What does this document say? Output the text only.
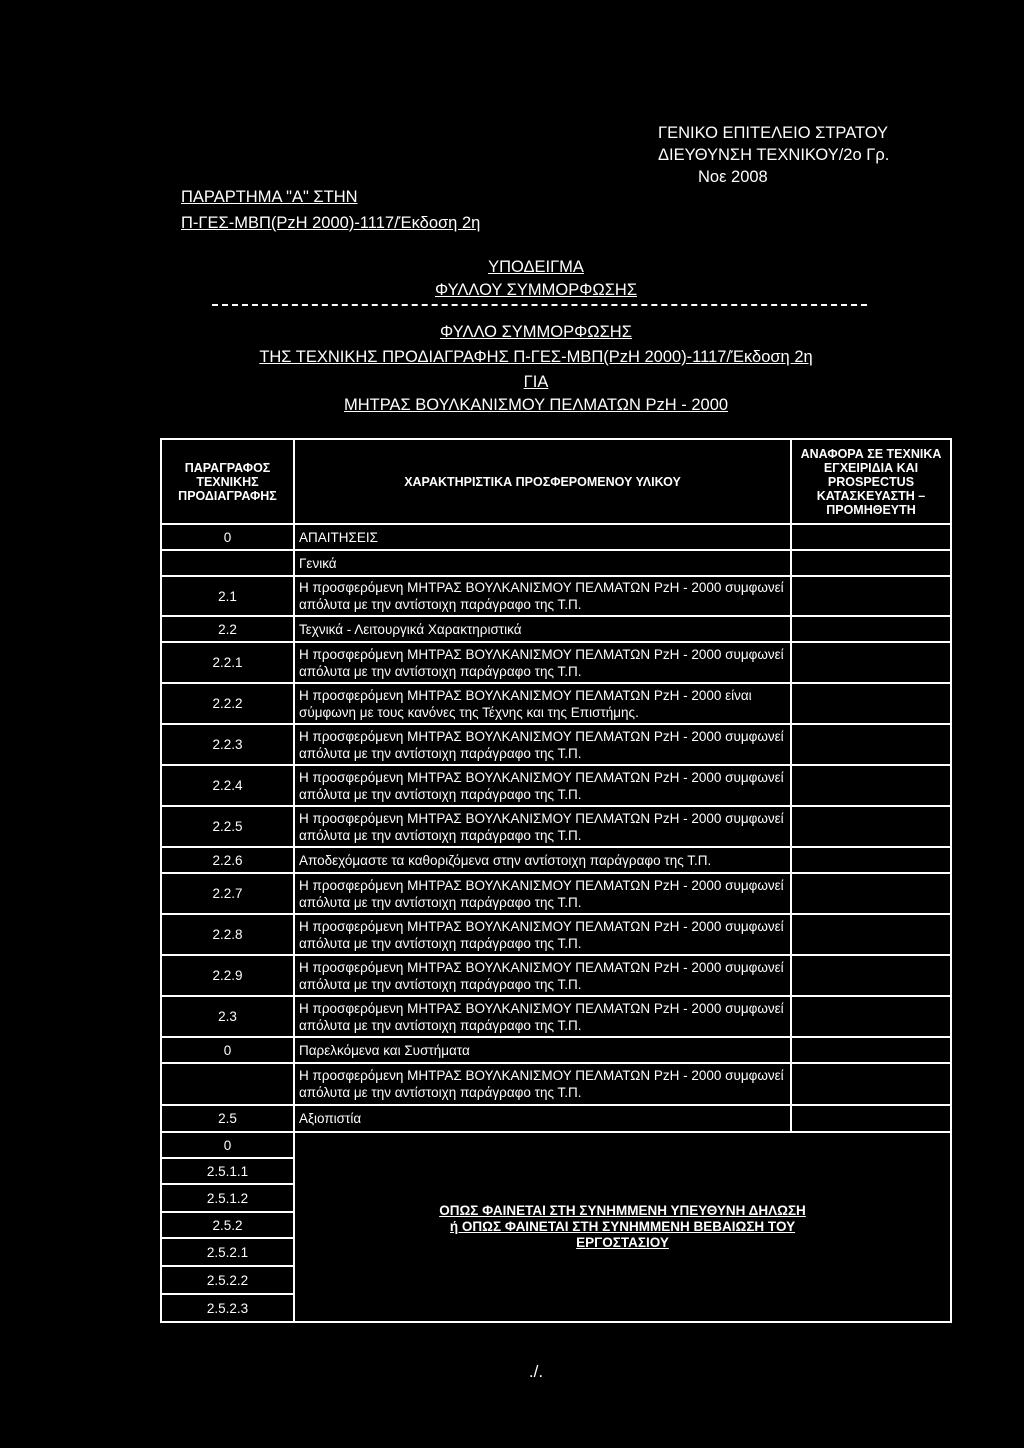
ΓΕΝΙΚΟ ΕΠΙΤΕΛΕΙΟ ΣΤΡΑΤΟΥ
ΔΙΕΥΘΥΝΣΗ ΤΕΧΝΙΚΟΥ/2ο Γρ.
Νοε 2008
ΠΑΡΑΡΤΗΜΑ "Α" ΣΤΗΝ
Π-ΓΕΣ-ΜΒΠ(ΡzΗ 2000)-1117/Έκδοση 2η
ΥΠΟΔΕΙΓΜΑ
ΦΥΛΛΟΥ ΣΥΜΜΟΡΦΩΣΗΣ
ΦΥΛΛΟ ΣΥΜΜΟΡΦΩΣΗΣ
ΤΗΣ ΤΕΧΝΙΚΗΣ ΠΡΟΔΙΑΓΡΑΦΗΣ Π-ΓΕΣ-ΜΒΠ(ΡzΗ 2000)-1117/Έκδοση 2η
ΓΙΑ
ΜΗΤΡΑΣ ΒΟΥΛΚΑΝΙΣΜΟΥ ΠΕΛΜΑΤΩΝ ΡzΗ - 2000
ΠΑΡΑΓΡΑΦΟΣ ΤΕΧΝΙΚΗΣ ΠΡΟΔΙΑΓΡΑΦΗΣ	ΧΑΡΑΚΤΗΡΙΣΤΙΚΑ ΠΡΟΣΦΕΡΟΜΕΝΟΥ ΥΛΙΚΟΥ	ΑΝΑΦΟΡΑ ΣΕ ΤΕΧΝΙΚΑ ΕΓΧΕΙΡΙΔΙΑ ΚΑΙ PROSPECTUS ΚΑΤΑΣΚΕΥΑΣΤΗ – ΠΡΟΜΗΘΕΥΤΗ
0	ΑΠΑΙΤΗΣΕΙΣ	
	Γενικά	
2.1	Η προσφερόμενη ΜΗΤΡΑΣ ΒΟΥΛΚΑΝΙΣΜΟΥ ΠΕΛΜΑΤΩΝ ΡzΗ - 2000 συμφωνεί απόλυτα με την αντίστοιχη παράγραφο της Τ.Π.	
2.2	Τεχνικά - Λειτουργικά Χαρακτηριστικά	
2.2.1	Η προσφερόμενη ΜΗΤΡΑΣ ΒΟΥΛΚΑΝΙΣΜΟΥ ΠΕΛΜΑΤΩΝ ΡzΗ - 2000 συμφωνεί απόλυτα με την αντίστοιχη παράγραφο της Τ.Π.	
2.2.2	Η προσφερόμενη ΜΗΤΡΑΣ ΒΟΥΛΚΑΝΙΣΜΟΥ ΠΕΛΜΑΤΩΝ ΡzΗ - 2000 είναι σύμφωνη με τους κανόνες της Τέχνης και της Επιστήμης.	
2.2.3	Η προσφερόμενη ΜΗΤΡΑΣ ΒΟΥΛΚΑΝΙΣΜΟΥ ΠΕΛΜΑΤΩΝ ΡzΗ - 2000 συμφωνεί απόλυτα με την αντίστοιχη παράγραφο της Τ.Π.	
2.2.4	Η προσφερόμενη ΜΗΤΡΑΣ ΒΟΥΛΚΑΝΙΣΜΟΥ ΠΕΛΜΑΤΩΝ ΡzΗ - 2000 συμφωνεί απόλυτα με την αντίστοιχη παράγραφο της Τ.Π.	
2.2.5	Η προσφερόμενη ΜΗΤΡΑΣ ΒΟΥΛΚΑΝΙΣΜΟΥ ΠΕΛΜΑΤΩΝ ΡzΗ - 2000 συμφωνεί απόλυτα με την αντίστοιχη παράγραφο της Τ.Π.	
2.2.6	Αποδεχόμαστε τα καθοριζόμενα στην αντίστοιχη παράγραφο της Τ.Π.	
2.2.7	Η προσφερόμενη ΜΗΤΡΑΣ ΒΟΥΛΚΑΝΙΣΜΟΥ ΠΕΛΜΑΤΩΝ ΡzΗ - 2000 συμφωνεί απόλυτα με την αντίστοιχη παράγραφο της Τ.Π.	
2.2.8	Η προσφερόμενη ΜΗΤΡΑΣ ΒΟΥΛΚΑΝΙΣΜΟΥ ΠΕΛΜΑΤΩΝ ΡzΗ - 2000 συμφωνεί απόλυτα με την αντίστοιχη παράγραφο της Τ.Π.	
2.2.9	Η προσφερόμενη ΜΗΤΡΑΣ ΒΟΥΛΚΑΝΙΣΜΟΥ ΠΕΛΜΑΤΩΝ ΡzΗ - 2000 συμφωνεί απόλυτα με την αντίστοιχη παράγραφο της Τ.Π.	
2.3	Η προσφερόμενη ΜΗΤΡΑΣ ΒΟΥΛΚΑΝΙΣΜΟΥ ΠΕΛΜΑΤΩΝ ΡzΗ - 2000 συμφωνεί απόλυτα με την αντίστοιχη παράγραφο της Τ.Π.	
0	Παρελκόμενα και Συστήματα	
	Η προσφερόμενη ΜΗΤΡΑΣ ΒΟΥΛΚΑΝΙΣΜΟΥ ΠΕΛΜΑΤΩΝ ΡzΗ - 2000 συμφωνεί απόλυτα με την αντίστοιχη παράγραφο της Τ.Π.	
2.5	Αξιοπιστία	
0	ΟΠΩΣ ΦΑΙΝΕΤΑΙ ΣΤΗ ΣΥΝΗΜΜΕΝΗ ΥΠΕΥΘΥΝΗ ΔΗΛΩΣΗ ή ΟΠΩΣ ΦΑΙΝΕΤΑΙ ΣΤΗ ΣΥΝΗΜΜΕΝΗ ΒΕΒΑΙΩΣΗ ΤΟΥ ΕΡΓΟΣΤΑΣΙΟΥ	

2.5.1.1		
2.5.1.2		
2.5.2		
2.5.2.1		
2.5.2.2		
2.5.2.3		
./.
